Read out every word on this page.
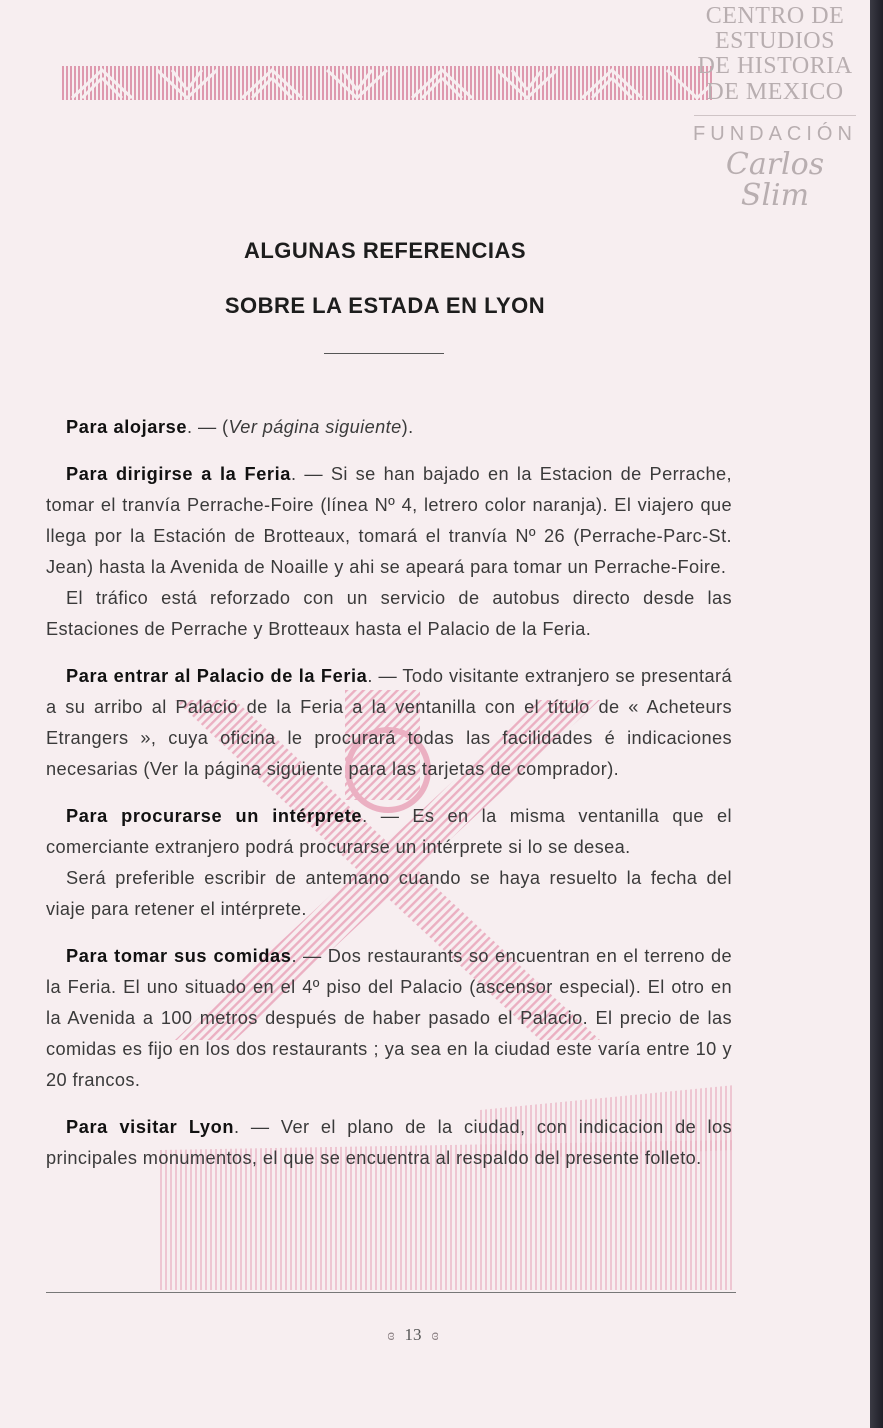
CENTRO DE
ESTUDIOS
DE HISTORIA
DE MEXICO
FUNDACIÓN
Carlos Slim
ALGUNAS REFERENCIAS
SOBRE LA ESTADA EN LYON

Para alojarse. — (Ver página siguiente).

Para dirigirse a la Feria. — Si se han bajado en la Estacion de Perrache, tomar el tranvía Perrache-Foire (línea Nº 4, letrero color naranja). El viajero que llega por la Estación de Brotteaux, tomará el tranvía Nº 26 (Perrache-Parc-St. Jean) hasta la Avenida de Noaille y ahi se apeará para tomar un Perrache-Foire.

El tráfico está reforzado con un servicio de autobus directo desde las Estaciones de Perrache y Brotteaux hasta el Palacio de la Feria.

Para entrar al Palacio de la Feria. — Todo visitante extranjero se presentará a su arribo al Palacio de la Feria a la ventanilla con el título de « Acheteurs Etrangers », cuya oficina le procurará todas las facilidades é indicaciones necesarias (Ver la página siguiente para las tarjetas de comprador).

Para procurarse un intérprete. — Es en la misma ventanilla que el comerciante extranjero podrá procurarse un intérprete si lo se desea.

Será preferible escribir de antemano cuando se haya resuelto la fecha del viaje para retener el intérprete.

Para tomar sus comidas. — Dos restaurants so encuentran en el terreno de la Feria. El uno situado en el 4º piso del Palacio (ascensor especial). El otro en la Avenida a 100 metros después de haber pasado el Palacio. El precio de las comidas es fijo en los dos restaurants ; ya sea en la ciudad este varía entre 10 y 20 francos.

Para visitar Lyon. — Ver el plano de la ciudad, con indicacion de los principales monumentos, el que se encuentra al respaldo del presente folleto.

ɞ 13 ɞ
